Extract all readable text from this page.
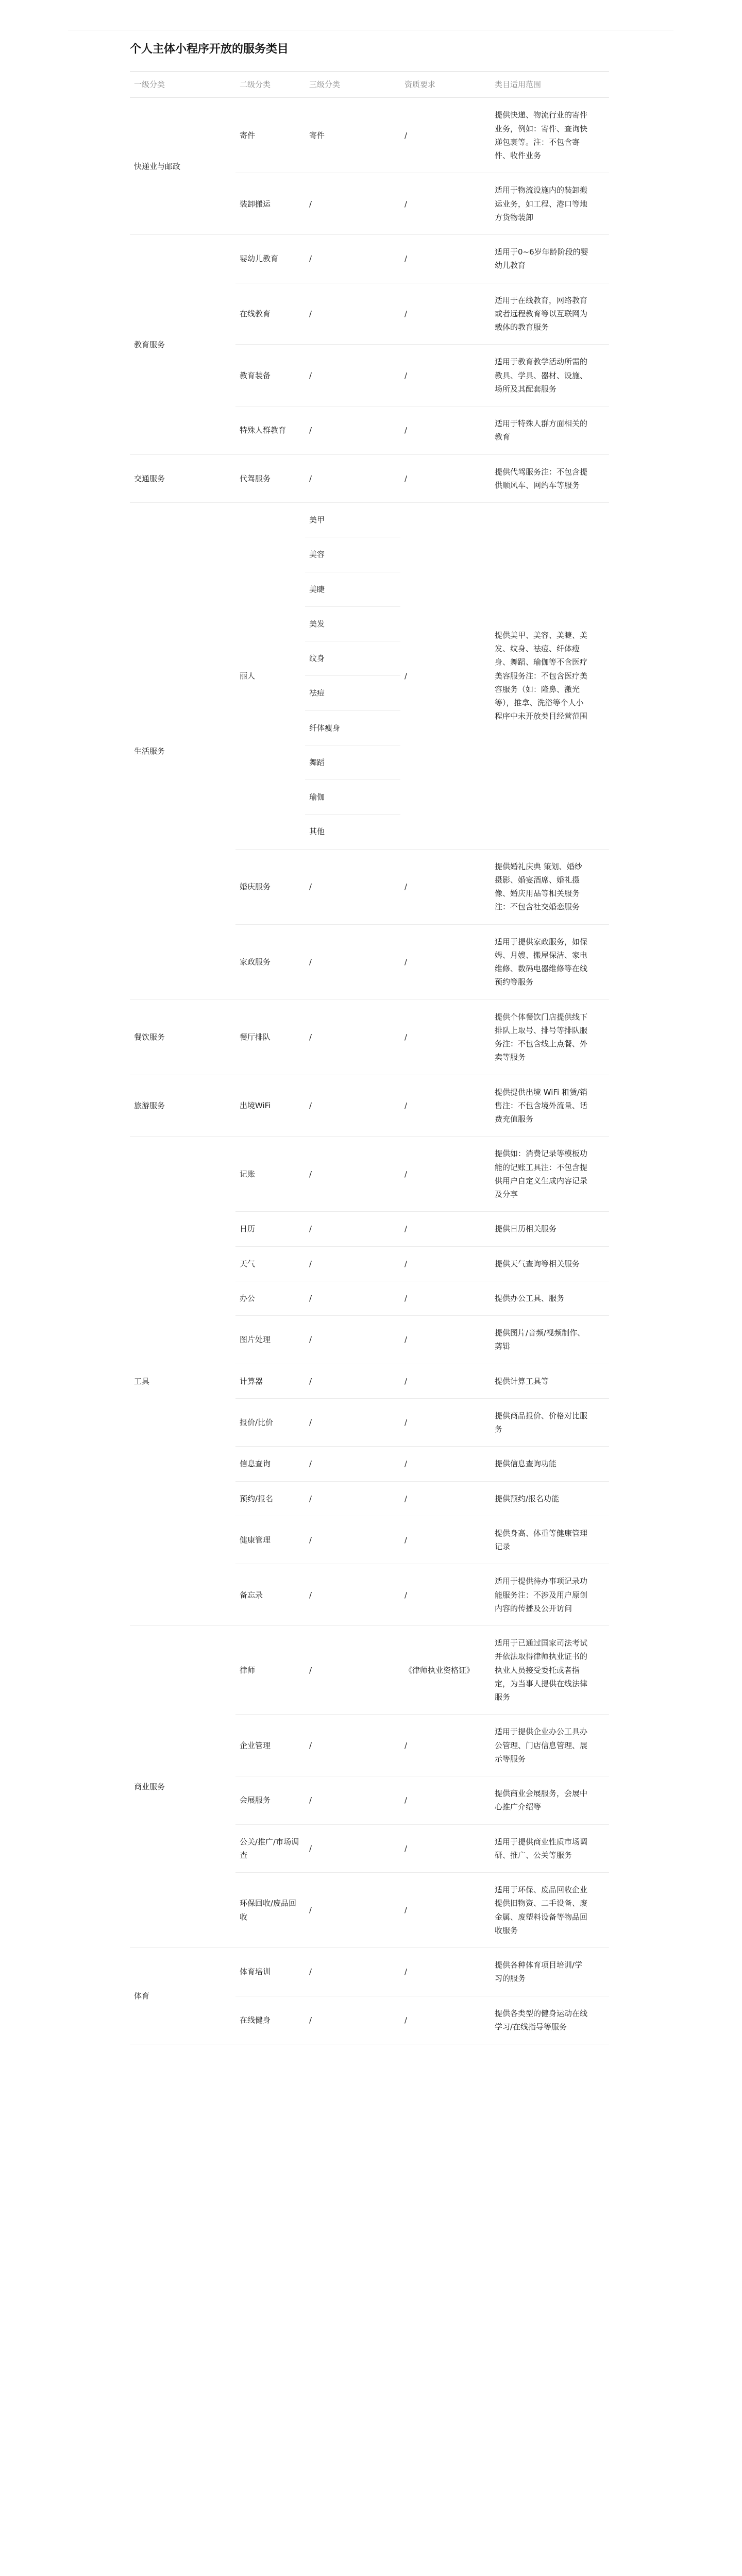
个人主体小程序开放的服务类目
一级分类	二级分类	三级分类	资质要求	类目适用范围
快递业与邮政	寄件	寄件	/	提供快递、物流行业的寄件业务，例如：寄件、查询快递包裹等。注：不包含寄件、收件业务
	装卸搬运	/	/	适用于物流设施内的装卸搬运业务，如工程、港口等地方货物装卸
教育服务	婴幼儿教育	/	/	适用于0~6岁年龄阶段的婴幼儿教育
	在线教育	/	/	适用于在线教育，网络教育或者远程教育等以互联网为载体的教育服务
	教育装备	/	/	适用于教育教学活动所需的教具、学具、器材、设施、场所及其配套服务
	特殊人群教育	/	/	适用于特殊人群方面相关的教育
交通服务	代驾服务	/	/	提供代驾服务注：不包含提供顺风车、网约车等服务
生活服务	丽人	美甲	/	提供美甲、美容、美睫、美发、纹身、祛痘、纤体瘦身、舞蹈、瑜伽等不含医疗美容服务注：不包含医疗美容服务（如：隆鼻、激光等），推拿、洗浴等个人小程序中未开放类目经营范围
		美容		
		美睫		
		美发		
		纹身		
		祛痘		
		纤体瘦身		
		舞蹈		
		瑜伽		
		其他		
	婚庆服务	/	/	提供婚礼庆典 策划、婚纱摄影、婚宴酒席、婚礼摄像、婚庆用品等相关服务注：不包含社交婚恋服务
	家政服务	/	/	适用于提供家政服务，如保姆、月嫂、搬屋保洁、家电维修、数码电器维修等在线预约等服务
餐饮服务	餐厅排队	/	/	提供个体餐饮门店提供线下排队上取号、排号等排队服务注：不包含线上点餐、外卖等服务
旅游服务	出境WiFi	/	/	提供提供出境 WiFi 租赁/销售注：不包含境外流量、话费充值服务
工具	记账	/	/	提供如：消费记录等模板功能的记账工具注：不包含提供用户自定义生成内容记录及分享
	日历	/	/	提供日历相关服务
	天气	/	/	提供天气查询等相关服务
	办公	/	/	提供办公工具、服务
	图片处理	/	/	提供图片/音频/视频制作、剪辑
	计算器	/	/	提供计算工具等
	报价/比价	/	/	提供商品报价、价格对比服务
	信息查询	/	/	提供信息查询功能
	预约/报名	/	/	提供预约/报名功能
	健康管理	/	/	提供身高、体重等健康管理记录
	备忘录	/	/	适用于提供待办事项记录功能服务注：不涉及用户原创内容的传播及公开访问
商业服务	律师	/	《律师执业资格证》	适用于已通过国家司法考试并依法取得律师执业证书的执业人员接受委托或者指定，为当事人提供在线法律服务
	企业管理	/	/	适用于提供企业办公工具办公管理、门店信息管理、展示等服务
	会展服务	/	/	提供商业会展服务，会展中心推广介绍等
	公关/推广/市场调查	/	/	适用于提供商业性质市场调研、推广、公关等服务
	环保回收/废品回收	/	/	适用于环保、废品回收企业提供旧物资、二手设备、废金属、废塑料设备等物品回收服务
体育	体育培训	/	/	提供各种体育项目培训/学习的服务
	在线健身	/	/	提供各类型的健身运动在线学习/在线指导等服务
